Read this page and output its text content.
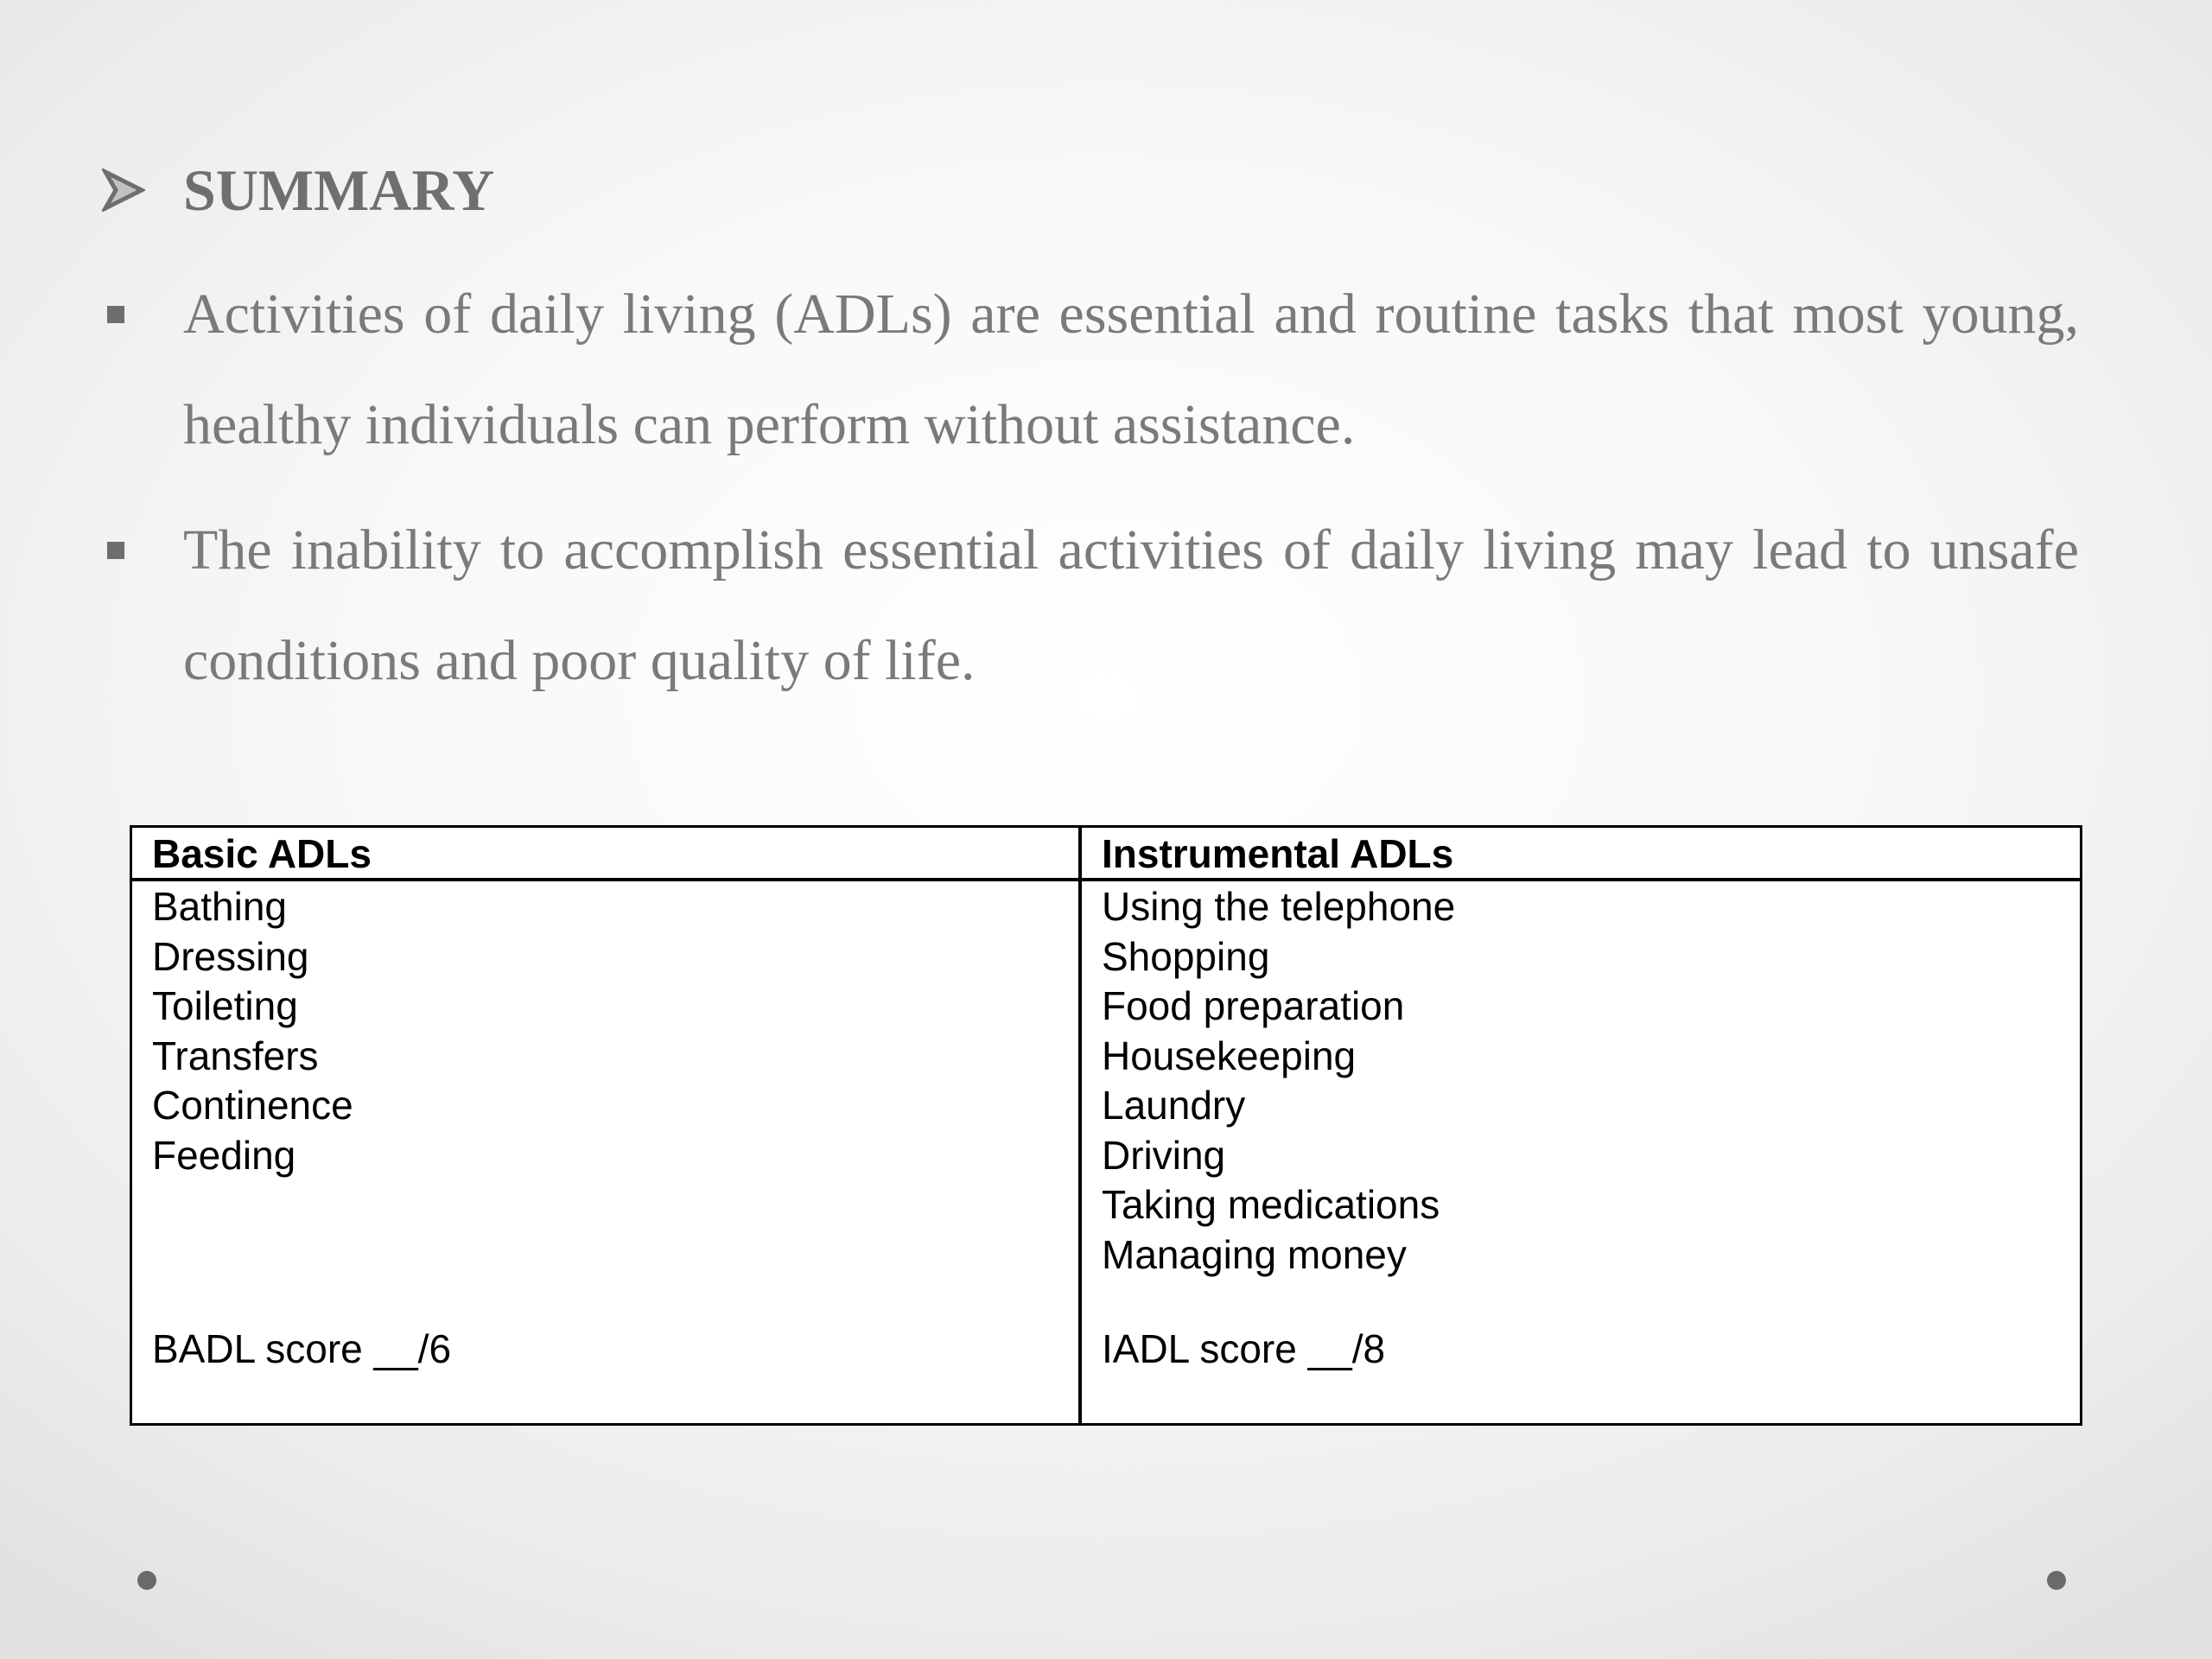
SUMMARY

Activities of daily living (ADLs) are essential and routine tasks that most young, healthy individuals can perform without assistance.

The inability to accomplish essential activities of daily living may lead to unsafe conditions and poor quality of life.

Basic ADLs
Bathing
Dressing
Toileting
Transfers
Continence
Feeding
BADL score __/6
Instrumental ADLs
Using the telephone
Shopping
Food preparation
Housekeeping
Laundry
Driving
Taking medications
Managing money
IADL score __/8
